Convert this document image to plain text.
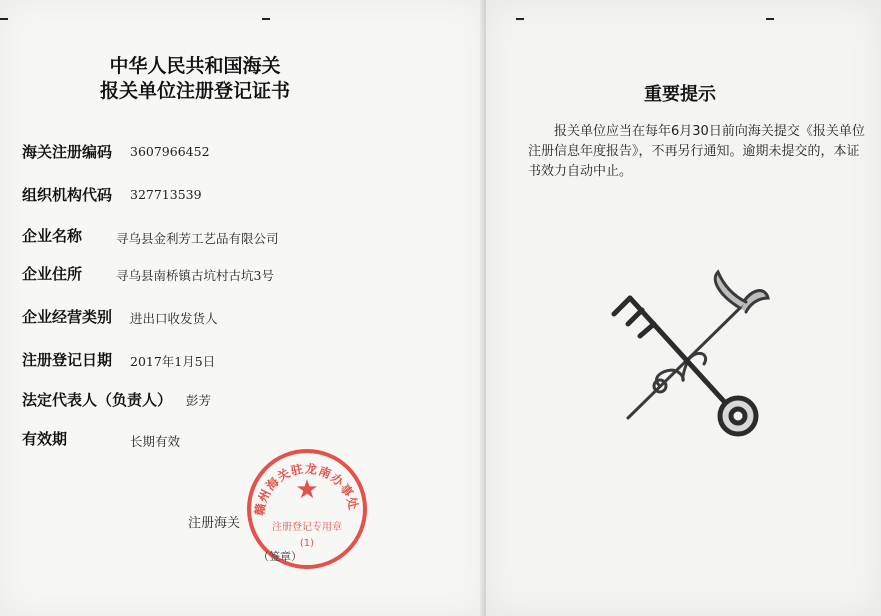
中华人民共和国海关
报关单位注册登记证书
海关注册编码 3607966452
组织机构代码 327713539
企业名称	寻乌县金利芳工艺品有限公司
企业住所	寻乌县南桥镇古坑村古坑3号
企业经营类别 进出口收发货人
注册登记日期 2017年1月5日
法定代表人（负责人） 彭芳
有效期	长期有效
注册海关
赣州海关驻龙南办事处
★
注册登记专用章
(1)
（签章）
重要提示
报关单位应当在每年6月30日前向海关提交《报关单位注册信息年度报告》，不再另行通知。逾期未提交的，本证书效力自动中止。
